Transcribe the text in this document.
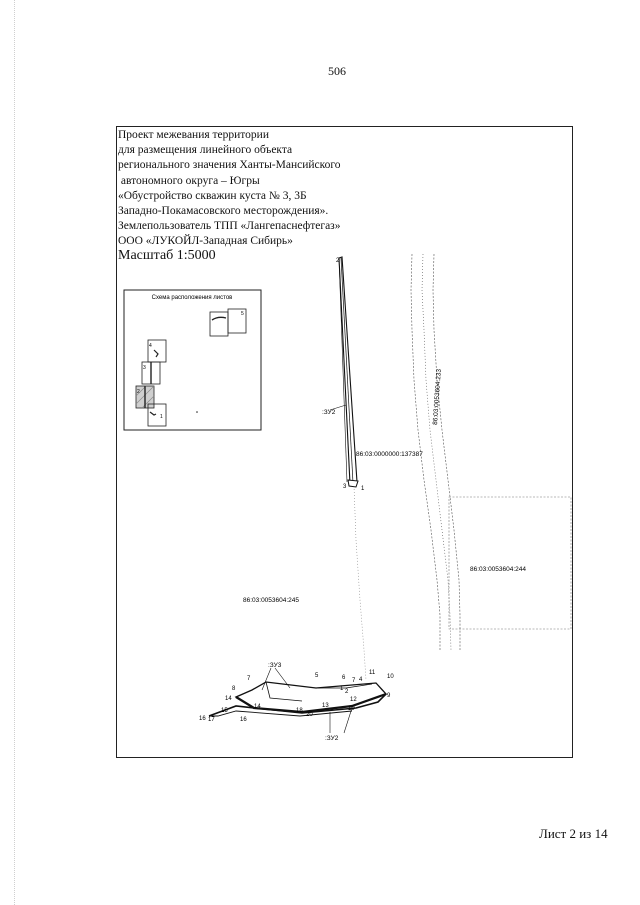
506
Проект межевания территории
для размещения линейного объекта
регионального значения Ханты-Мансийского
автономного округа – Югры
«Обустройство скважин куста № 3, 3Б
Западно-Покамасовского месторождения».
Землепользователь ТПП «Лангепаснефтегаз»
ООО «ЛУКОЙЛ-Западная Сибирь»
Масштаб 1:5000
Схема расположения листов
5
4
3
2
1
2
3 1
:ЗУ2
86:03:0000000:137387
86:03:0053604:233
86:03:0053604:244
86:03:0053604:245
:ЗУ3
:ЗУ2
5	6 7 4
11
10
7
8
14
1 2
9
12
13
14
18
20
19
15
16 17	16
Лист 2 из 14
